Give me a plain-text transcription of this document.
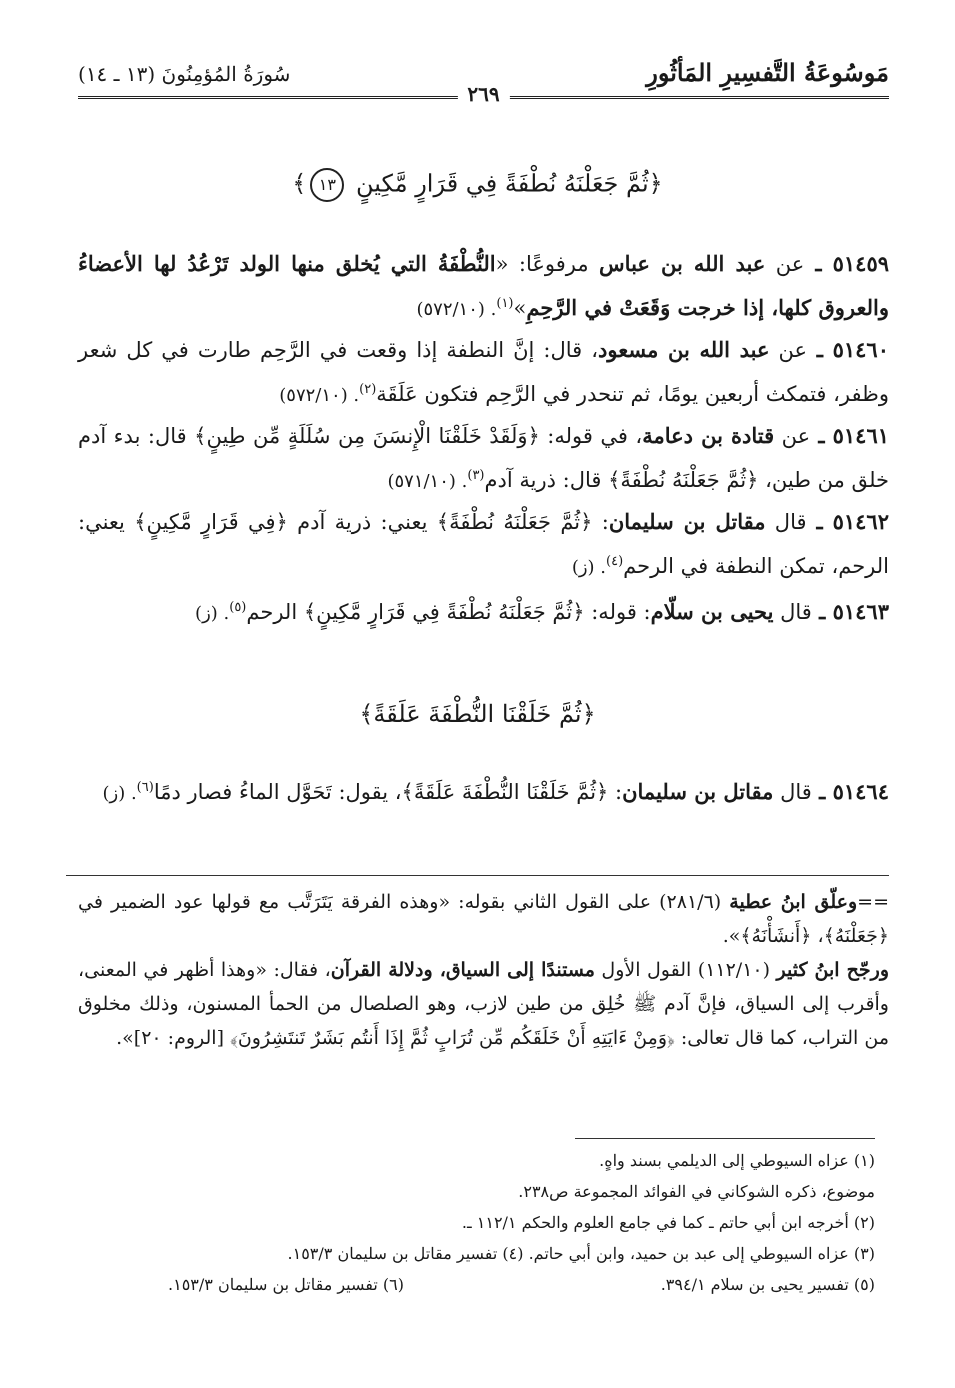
مَوسُوعَةُ التَّفسِيرِ المَأثُورِ
سُورَةُ المُؤمِنُونَ (١٣ ـ ١٤)
٢٦٩
﴿ثُمَّ جَعَلْنَهُ نُطْفَةً فِي قَرَارٍ مَّكِينٍ ١٣﴾

٥١٤٥٩ ـ عن عبد الله بن عباس مرفوعًا: «النُّطْفَةُ التي يُخلق منها الولد تَرْعُدُ لها الأعضاءُ والعروق كلها، إذا خرجت وَقَعَتْ في الرَّحِمِ»$^{(١)}$. (٥٧٢/١٠)

٥١٤٦٠ ـ عن عبد الله بن مسعود، قال: إنَّ النطفة إذا وقعت في الرَّحِم طارت في كل شعر وظفر، فتمكث أربعين يومًا، ثم تنحدر في الرَّحِم فتكون عَلَقَة$^{(٢)}$. (٥٧٢/١٠)

٥١٤٦١ ـ عن قتادة بن دعامة، في قوله: ﴿وَلَقَدْ خَلَقْنَا الْإِنسَنَ مِن سُلَلَةٍ مِّن طِينٍ﴾ قال: بدء آدم خلق من طين، ﴿ثُمَّ جَعَلْنَهُ نُطْفَةً﴾ قال: ذرية آدم$^{(٣)}$. (٥٧١/١٠)

٥١٤٦٢ ـ قال مقاتل بن سليمان: ﴿ثُمَّ جَعَلْنَهُ نُطْفَةً﴾ يعني: ذرية آدم ﴿فِي قَرَارٍ مَّكِينٍ﴾ يعني: الرحم، تمكن النطفة في الرحم$^{(٤)}$. (ز)

٥١٤٦٣ ـ قال يحيى بن سلّام: قوله: ﴿ثُمَّ جَعَلْنَهُ نُطْفَةً فِي قَرَارٍ مَّكِينٍ﴾ الرحم$^{(٥)}$. (ز)

﴿ثُمَّ خَلَقْنَا النُّطْفَةَ عَلَقَةً﴾

٥١٤٦٤ ـ قال مقاتل بن سليمان: ﴿ثُمَّ خَلَقْنَا النُّطْفَةَ عَلَقَةً﴾، يقول: تَحَوَّل الماءُ فصار دمًا$^{(٦)}$. (ز)

==وعلّق ابنُ عطية (٢٨١/٦) على القول الثاني بقوله: «وهذه الفرقة يَتَرَتَّب مع قولها عود الضمير في ﴿جَعَلْنَهُ﴾، ﴿أَنشَأْنَهُ﴾».

ورجّح ابنُ كثير (١١٢/١٠) القول الأول مستندًا إلى السياق، ودلالة القرآن، فقال: «وهذا أظهر في المعنى، وأقرب إلى السياق، فإنَّ آدم ﷺ خُلِق من طين لازب، وهو الصلصال من الحمأ المسنون، وذلك مخلوق من التراب، كما قال تعالى: ﴿وَمِنْ ءَايَتِهِ أَنْ خَلَقَكُم مِّن تُرَابٍ ثُمَّ إِذَا أَنتُم بَشَرٌ تَنتَشِرُونَ﴾ [الروم: ٢٠]».

(١) عزاه السيوطي إلى الديلمي بسند واهٍ.

موضوع، ذكره الشوكاني في الفوائد المجموعة ص٢٣٨.

(٢) أخرجه ابن أبي حاتم ـ كما في جامع العلوم والحكم ١١٢/١ ـ.

(٣) عزاه السيوطي إلى عبد بن حميد، وابن أبي حاتم. (٤) تفسير مقاتل بن سليمان ١٥٣/٣.

(٥) تفسير يحيى بن سلام ٣٩٤/١.
(٦) تفسير مقاتل بن سليمان ١٥٣/٣.
